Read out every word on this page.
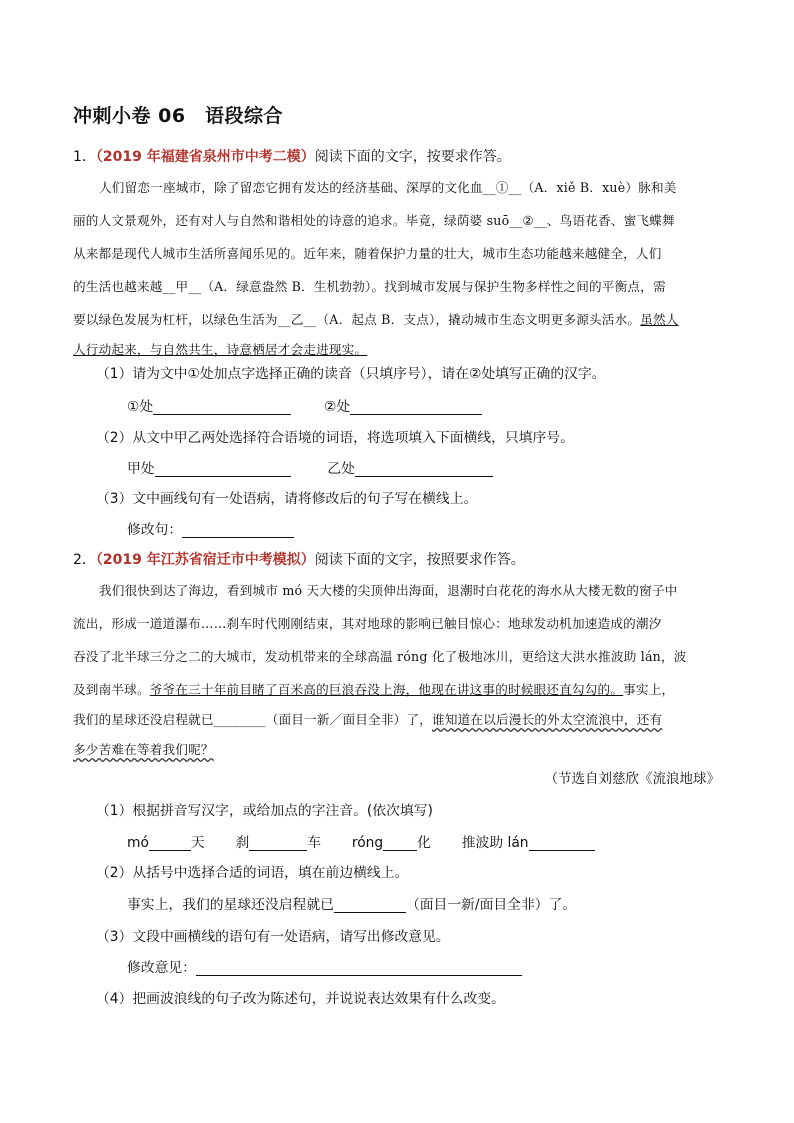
冲刺小卷 06　语段综合
1．（2019 年福建省泉州市中考二模）阅读下面的文字，按要求作答。
人们留恋一座城市，除了留恋它拥有发达的经济基础、深厚的文化血__①__（A．xiě B．xuè）脉和美
丽的人文景观外，还有对人与自然和谐相处的诗意的追求。毕竟，绿荫婆 suō__②__、鸟语花香、蜜飞蝶舞
从来都是现代人城市生活所喜闻乐见的。近年来，随着保护力量的壮大，城市生态功能越来越健全，人们
的生活也越来越__甲__（A．绿意盎然 B．生机勃勃）。找到城市发展与保护生物多样性之间的平衡点，需
要以绿色发展为杠杆，以绿色生活为__乙__（A．起点 B．支点），撬动城市生态文明更多源头活水。虽然人
人行动起来，与自然共生，诗意栖居才会走进现实。
（1）请为文中①处加点字选择正确的读音（只填序号），请在②处填写正确的汉字。
①处	②处
（2）从文中甲乙两处选择符合语境的词语，将选项填入下面横线，只填序号。
甲处	乙处
（3）文中画线句有一处语病，请将修改后的句子写在横线上。
修改句：
2．（2019 年江苏省宿迁市中考模拟）阅读下面的文字，按照要求作答。
我们很快到达了海边，看到城市 mó 天大楼的尖顶伸出海面，退潮时白花花的海水从大楼无数的窗子中
流出，形成一道道瀑布……刹车时代刚刚结束，其对地球的影响已触目惊心：地球发动机加速造成的潮汐
吞没了北半球三分之二的大城市，发动机带来的全球高温 róng 化了极地冰川，更给这大洪水推波助 lán，波
及到南半球。爷爷在三十年前目睹了百米高的巨浪吞没上海，他现在讲这事的时候眼还直勾勾的。事实上，
我们的星球还没启程就已________（面目一新／面目全非）了，谁知道在以后漫长的外太空流浪中，还有
多少苦难在等着我们呢？
（节选自刘慈欣《流浪地球》
（1）根据拼音写汉字，或给加点的字注音。(依次填写)
mó	天 刹	车 róng 化 推波助 lán
（2）从括号中选择合适的词语，填在前边横线上。
事实上，我们的星球还没启程就已	（面目一新/面目全非）了。
（3）文段中画横线的语句有一处语病，请写出修改意见。
修改意见：
（4）把画波浪线的句子改为陈述句，并说说表达效果有什么改变。
